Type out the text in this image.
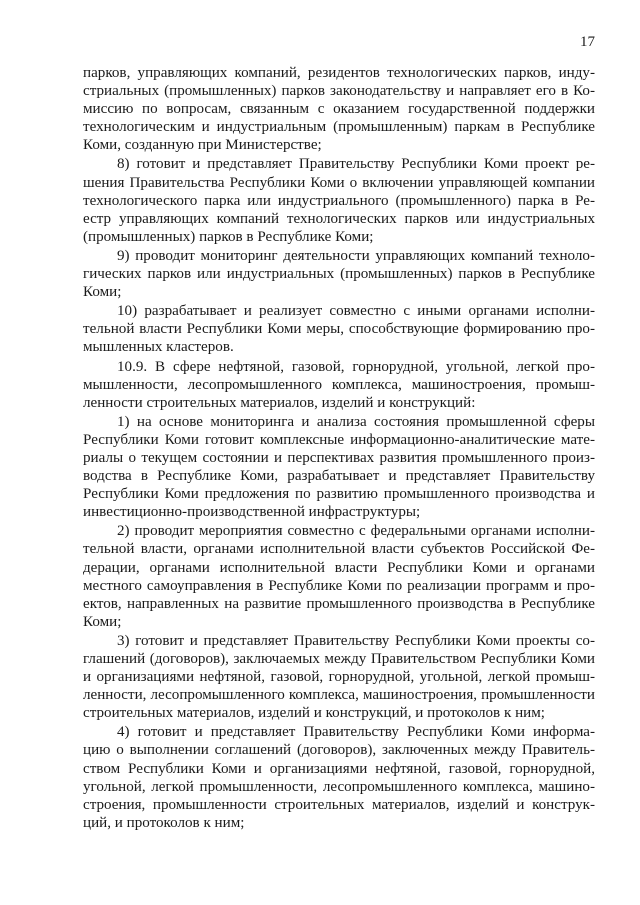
17
парков, управляющих компаний, резидентов технологических парков, инду-
стриальных (промышленных) парков законодательству и направляет его в Ко-
миссию по вопросам, связанным с оказанием государственной поддержки
технологическим и индустриальным (промышленным) паркам в Республике
Коми, созданную при Министерстве;
8) готовит и представляет Правительству Республики Коми проект ре-
шения Правительства Республики Коми о включении управляющей компании
технологического парка или индустриального (промышленного) парка в Ре-
естр управляющих компаний технологических парков или индустриальных
(промышленных) парков в Республике Коми;
9) проводит мониторинг деятельности управляющих компаний техноло-
гических парков или индустриальных (промышленных) парков в Республике
Коми;
10) разрабатывает и реализует совместно с иными органами исполни-
тельной власти Республики Коми меры, способствующие формированию про-
мышленных кластеров.
10.9. В сфере нефтяной, газовой, горнорудной, угольной, легкой про-
мышленности, лесопромышленного комплекса, машиностроения, промыш-
ленности строительных материалов, изделий и конструкций:
1) на основе мониторинга и анализа состояния промышленной сферы
Республики Коми готовит комплексные информационно-аналитические мате-
риалы о текущем состоянии и перспективах развития промышленного произ-
водства в Республике Коми, разрабатывает и представляет Правительству
Республики Коми предложения по развитию промышленного производства и
инвестиционно-производственной инфраструктуры;
2) проводит мероприятия совместно с федеральными органами исполни-
тельной власти, органами исполнительной власти субъектов Российской Фе-
дерации, органами исполнительной власти Республики Коми и органами
местного самоуправления в Республике Коми по реализации программ и про-
ектов, направленных на развитие промышленного производства в Республике
Коми;
3) готовит и представляет Правительству Республики Коми проекты со-
глашений (договоров), заключаемых между Правительством Республики Коми
и организациями нефтяной, газовой, горнорудной, угольной, легкой промыш-
ленности, лесопромышленного комплекса, машиностроения, промышленности
строительных материалов, изделий и конструкций, и протоколов к ним;
4) готовит и представляет Правительству Республики Коми информа-
цию о выполнении соглашений (договоров), заключенных между Правитель-
ством Республики Коми и организациями нефтяной, газовой, горнорудной,
угольной, легкой промышленности, лесопромышленного комплекса, машино-
строения, промышленности строительных материалов, изделий и конструк-
ций, и протоколов к ним;
